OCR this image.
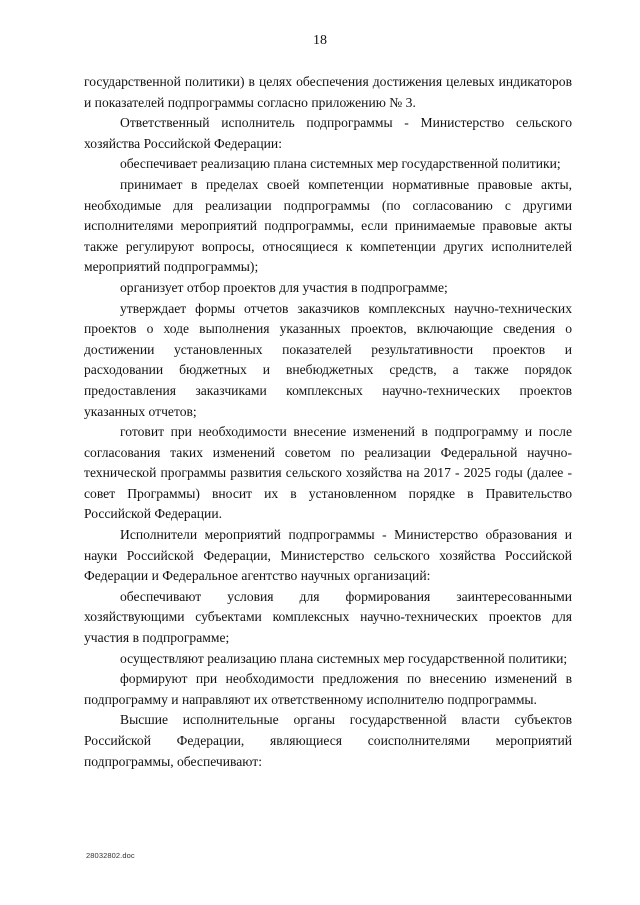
18

государственной политики) в целях обеспечения достижения целевых индикаторов и показателей подпрограммы согласно приложению № 3.

Ответственный исполнитель подпрограммы - Министерство сельского хозяйства Российской Федерации:

обеспечивает реализацию плана системных мер государственной политики;

принимает в пределах своей компетенции нормативные правовые акты, необходимые для реализации подпрограммы (по согласованию с другими исполнителями мероприятий подпрограммы, если принимаемые правовые акты также регулируют вопросы, относящиеся к компетенции других исполнителей мероприятий подпрограммы);

организует отбор проектов для участия в подпрограмме;

утверждает формы отчетов заказчиков комплексных научно-технических проектов о ходе выполнения указанных проектов, включающие сведения о достижении установленных показателей результативности проектов и расходовании бюджетных и внебюджетных средств, а также порядок предоставления заказчиками комплексных научно-технических проектов указанных отчетов;

готовит при необходимости внесение изменений в подпрограмму и после согласования таких изменений советом по реализации Федеральной научно-технической программы развития сельского хозяйства на 2017 - 2025 годы (далее - совет Программы) вносит их в установленном порядке в Правительство Российской Федерации.

Исполнители мероприятий подпрограммы - Министерство образования и науки Российской Федерации, Министерство сельского хозяйства Российской Федерации и Федеральное агентство научных организаций:

обеспечивают условия для формирования заинтересованными хозяйствующими субъектами комплексных научно-технических проектов для участия в подпрограмме;

осуществляют реализацию плана системных мер государственной политики;

формируют при необходимости предложения по внесению изменений в подпрограмму и направляют их ответственному исполнителю подпрограммы.

Высшие исполнительные органы государственной власти субъектов Российской Федерации, являющиеся соисполнителями мероприятий подпрограммы, обеспечивают:

28032802.doc
